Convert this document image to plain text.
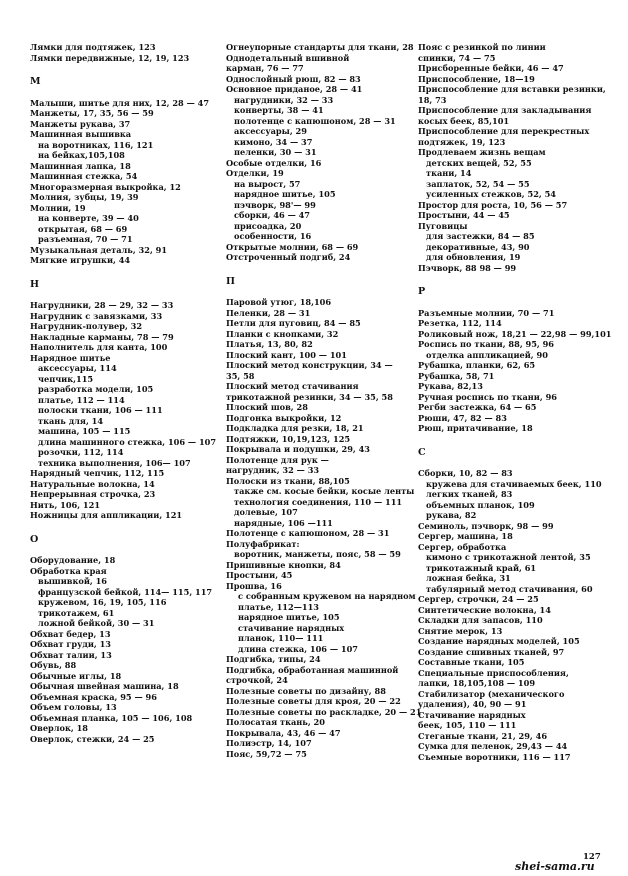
Лямки для подтяжек, 123
Лямки передвижные, 12, 19, 123
М
Малыши, шитье для них, 12, 28 — 47
Манжеты, 17, 35, 56 — 59
Манжеты рукава, 37
Машинная вышивка
на воротниках, 116, 121
на бейках,105,108
Машинная лапка, 18
Машинная стежка, 54
Многоразмерная выкройка, 12
Молния, зубцы, 19, 39
Молнии, 19
на конверте, 39 — 40
открытая, 68 — 69
разъемная, 70 — 71
Музыкальная деталь, 32, 91
Мягкие игрушки, 44
Н
Нагрудники, 28 — 29, 32 — 33
Нагрудник с завязками, 33
Нагрудник-полувер, 32
Накладные карманы, 78 — 79
Наполнитель для канта, 100
Нарядное шитье
аксессуары, 114
чепчик,115
разработка модели, 105
платье, 112 — 114
полоски ткани, 106 — 111
ткань для, 14
машина, 105 — 115
длина машинного стежка, 106 — 107
розочки, 112, 114
техника выполнения, 106— 107
Нарядный чепчик, 112, 115
Натуральные волокна, 14
Непрерывная строчка, 23
Нить, 106, 121
Ножницы для аппликации, 121
О
Оборудование, 18
Обработка края
вышивкой, 16
французской бейкой, 114— 115, 117
кружевом, 16, 19, 105, 116
трикотажем, 61
ложной бейкой, 30 — 31
Обхват бедер, 13
Обхват груди, 13
Обхват талии, 13
Обувь, 88
Обычные иглы, 18
Обычная швейная машина, 18
Объемная краска, 95 — 96
Объем головы, 13
Объемная планка, 105 — 106, 108
Оверлок, 18
Оверлок, стежки, 24 — 25
Огнеупорные стандарты для ткани, 28
Однодетальный вшивной
карман, 76 — 77
Однослойный рюш, 82 — 83
Основное приданое, 28 — 41
нагрудники, 32 — 33
конверты, 38 — 41
полотенце с капюшоном, 28 — 31
аксессуары, 29
кимоно, 34 — 37
пеленки, 30 — 31
Особые отделки, 16
Отделки, 19
на вырост, 57
нарядное шитье, 105
пэчворк, 98'— 99
сборки, 46 — 47
присоадка, 20
особенности, 16
Открытые молнии, 68 — 69
Отстроченный подгиб, 24
П
Паровой утюг, 18,106
Пеленки, 28 — 31
Петли для пуговиц, 84 — 85
Планки с кнопками, 32
Платья, 13, 80, 82
Плоский кант, 100 — 101
Плоский метод конструкции, 34 —
35, 58
Плоский метод стачивания
трикотажной резинки, 34 — 35, 58
Плоский шов, 28
Подгонка выкройки, 12
Подкладка для резки, 18, 21
Подтяжки, 10,19,123, 125
Покрывала и подушки, 29, 43
Полотенце для рук —
нагрудник, 32 — 33
Полоски из ткани, 88,105
также см. косые бейки, косые ленты
технология соединения, 110 — 111
долевые, 107
нарядные, 106 —111
Полотенце с капюшоном, 28 — 31
Полуфабрикат:
воротник, манжеты, пояс, 58 — 59
Пришивные кнопки, 84
Простыни, 45
Прошва, 16
с собранным кружевом на нарядном
платье, 112—113
нарядное шитье, 105
стачивание нарядных
планок, 110— 111
длина стежка, 106 — 107
Подгибка, типы, 24
Подгибка, обработанная машинной
строчкой, 24
Полезные советы по дизайну, 88
Полезные советы для кроя, 20 — 22
Полезные советы по раскладке, 20 — 21
Полосатая ткань, 20
Покрывала, 43, 46 — 47
Полиэстр, 14, 107
Пояс, 59,72 — 75
Пояс с резинкой по линии
спинки, 74 — 75
Присборенные бейки, 46 — 47
Приспособление, 18—19
Приспособление для вставки резинки,
18, 73
Приспособление для закладывания
косых беек, 85,101
Приспособление для перекрестных
подтяжек, 19, 123
Продлеваем жизнь вещам
детских вещей, 52, 55
ткани, 14
заплаток, 52, 54 — 55
усиленных стежков, 52, 54
Простор для роста, 10, 56 — 57
Простыни, 44 — 45
Пуговицы
для застежки, 84 — 85
декоративные, 43, 90
для обновления, 19
Пэчворк, 88 98 — 99
Р
Разъемные молнии, 70 — 71
Резетка, 112, 114
Роликовый нож, 18,21 — 22,98 — 99,101
Роспись по ткани, 88, 95, 96
отделка аппликацией, 90
Рубашка, планки, 62, 65
Рубашка, 58, 71
Рукава, 82,13
Ручная роспись по ткани, 96
Регби застежка, 64 — 65
Рюши, 47, 82 — 83
Рюш, притачивание, 18
С
Сборки, 10, 82 — 83
кружева для стачиваемых беек, 110
легких тканей, 83
объемных планок, 109
рукава, 82
Семиноль, пэчворк, 98 — 99
Сергер, машина, 18
Сергер, обработка
кимоно с трикотажной лентой, 35
трикотажный край, 61
ложная бейка, 31
табулярный метод стачивания, 60
Сергер, строчки, 24 — 25
Синтетические волокна, 14
Складки для запасов, 110
Снятие мерок, 13
Создание нарядных моделей, 105
Создание сшивных тканей, 97
Составные ткани, 105
Специальные приспособления,
лапки, 18,105,108 — 109
Стабилизатор (механического
удаления), 40, 90 — 91
Стачивание нарядных
беек, 105, 110 — 111
Стеганые ткани, 21, 29, 46
Сумка для пеленок, 29,43 — 44
Съемные воротники, 116 — 117
127
shei-sama.ru
